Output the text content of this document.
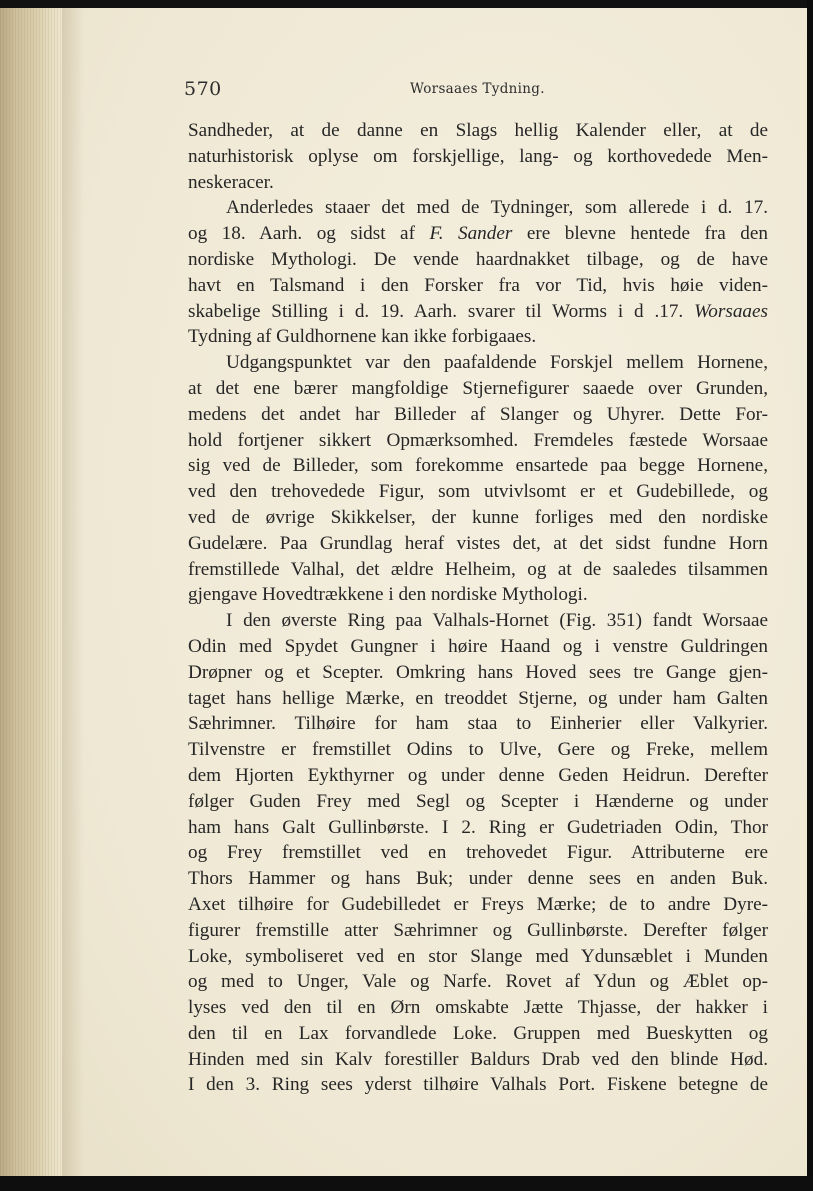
570	Worsaaes Tydning.
Sandheder, at de danne en Slags hellig Kalender eller, at de
naturhistorisk oplyse om forskjellige, lang- og korthovedede Men-
neskeracer.
Anderledes staaer det med de Tydninger, som allerede i d. 17.
og 18. Aarh. og sidst af F. Sander ere blevne hentede fra den
nordiske Mythologi. De vende haardnakket tilbage, og de have
havt en Talsmand i den Forsker fra vor Tid, hvis høie viden-
skabelige Stilling i d. 19. Aarh. svarer til Worms i d .17. Worsaaes
Tydning af Guldhornene kan ikke forbigaaes.
Udgangspunktet var den paafaldende Forskjel mellem Hornene,
at det ene bærer mangfoldige Stjernefigurer saaede over Grunden,
medens det andet har Billeder af Slanger og Uhyrer. Dette For-
hold fortjener sikkert Opmærksomhed. Fremdeles fæstede Worsaae
sig ved de Billeder, som forekomme ensartede paa begge Hornene,
ved den trehovedede Figur, som utvivlsomt er et Gudebillede, og
ved de øvrige Skikkelser, der kunne forliges med den nordiske
Gudelære. Paa Grundlag heraf vistes det, at det sidst fundne Horn
fremstillede Valhal, det ældre Helheim, og at de saaledes tilsammen
gjengave Hovedtrækkene i den nordiske Mythologi.
I den øverste Ring paa Valhals-Hornet (Fig. 351) fandt Worsaae
Odin med Spydet Gungner i høire Haand og i venstre Guldringen
Drøpner og et Scepter. Omkring hans Hoved sees tre Gange gjen-
taget hans hellige Mærke, en treoddet Stjerne, og under ham Galten
Sæhrimner. Tilhøire for ham staa to Einherier eller Valkyrier.
Tilvenstre er fremstillet Odins to Ulve, Gere og Freke, mellem
dem Hjorten Eykthyrner og under denne Geden Heidrun. Derefter
følger Guden Frey med Segl og Scepter i Hænderne og under
ham hans Galt Gullinbørste. I 2. Ring er Gudetriaden Odin, Thor
og Frey fremstillet ved en trehovedet Figur. Attributerne ere
Thors Hammer og hans Buk; under denne sees en anden Buk.
Axet tilhøire for Gudebilledet er Freys Mærke; de to andre Dyre-
figurer fremstille atter Sæhrimner og Gullinbørste. Derefter følger
Loke, symboliseret ved en stor Slange med Ydunsæblet i Munden
og med to Unger, Vale og Narfe. Rovet af Ydun og Æblet op-
lyses ved den til en Ørn omskabte Jætte Thjasse, der hakker i
den til en Lax forvandlede Loke. Gruppen med Bueskytten og
Hinden med sin Kalv forestiller Baldurs Drab ved den blinde Hød.
I den 3. Ring sees yderst tilhøire Valhals Port. Fiskene betegne de
